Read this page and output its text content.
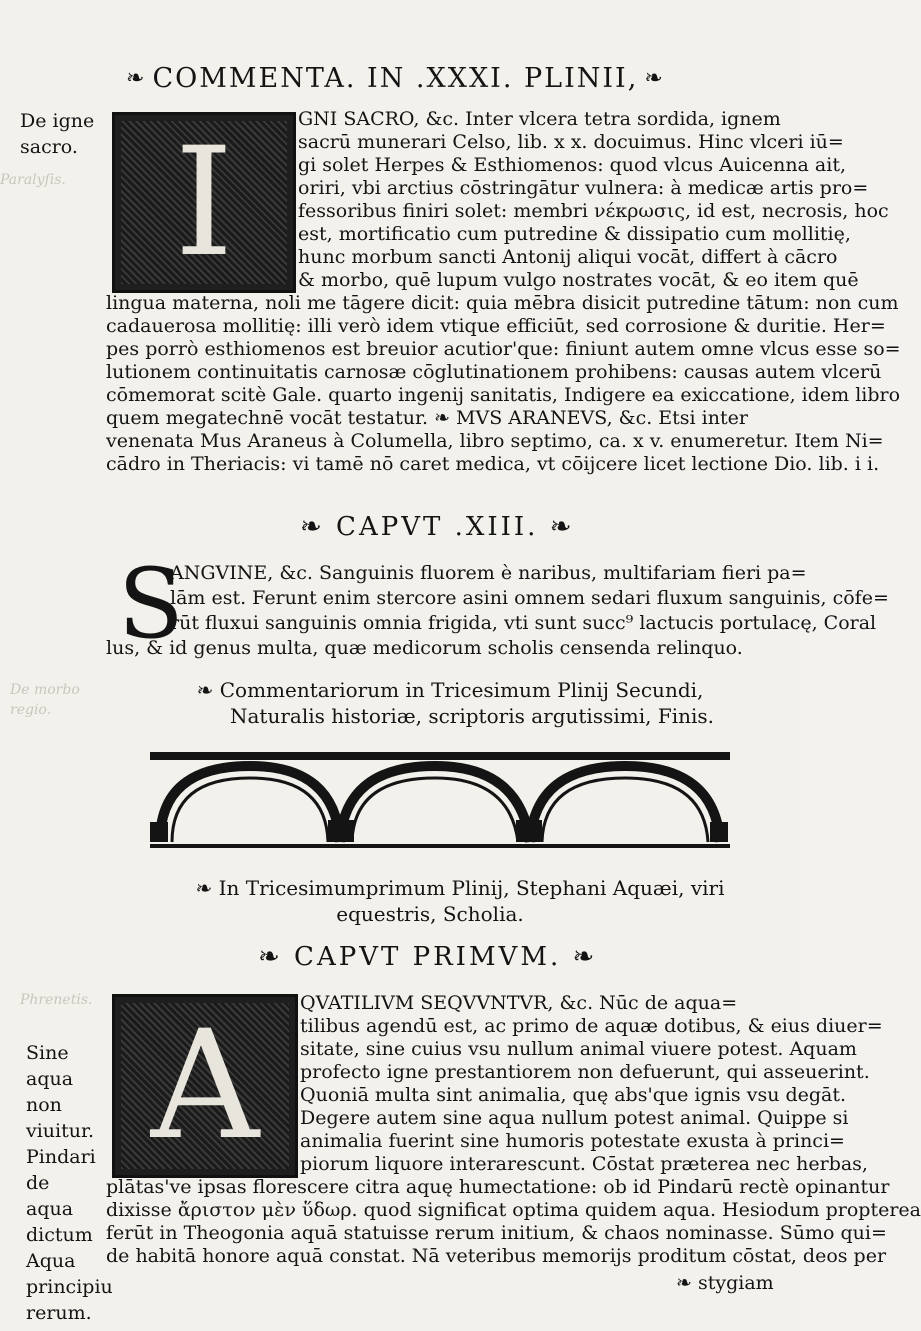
Paralyſis.
De morbo regio.
Phrenetis.
❧ COMMENTA. IN .XXXI. PLINII, ❧
De igne sacro.
Sine aqua non viuitur. Pindari de aqua dictum Aqua principiu rerum.
I	GNI SACRO, &c. Inter vlcera tetra sordida, ignem
sacrū munerari Celso, lib. x x. docuimus. Hinc vlceri iū=
gi solet Herpes & Esthiomenos: quod vlcus Auicenna ait,
oriri, vbi arctius cōstringātur vulnera: à medicæ artis pro=
fessoribus finiri solet: membri νέκρωσις, id est, necrosis, hoc
est, mortificatio cum putredine & dissipatio cum mollitię,
hunc morbum sancti Antonij aliqui vocāt, differt à cācro
& morbo, quē lupum vulgo nostrates vocāt, & eo item quē
lingua materna, noli me tāgere dicit: quia mēbra disicit putredine tātum: non cum
cadauerosa mollitię: illi verò idem vtique efficiūt, sed corrosione & duritie. Her=
pes porrò esthiomenos est breuior acutior'que: finiunt autem omne vlcus esse so=
lutionem continuitatis carnosæ cōglutinationem prohibens: causas autem vlcerū
cōmemorat scitè Gale. quarto ingenij sanitatis, Indigere ea exiccatione, idem libro
quem megatechnē vocāt testatur. ❧ MVS ARANEVS, &c. Etsi inter
venenata Mus Araneus à Columella, libro septimo, ca. x v. enumeretur. Item Ni=
cādro in Theriacis: vi tamē nō caret medica, vt cōijcere licet lectione Dio. lib. i i.
❧ CAPVT .XIII. ❧
S
ANGVINE, &c. Sanguinis fluorem è naribus, multifariam fieri pa=
lām est. Ferunt enim stercore asini omnem sedari fluxum sanguinis, cōfe=
rūt fluxui sanguinis omnia frigida, vti sunt succ⁹ lactucis portulacę, Coral
lus, & id genus multa, quæ medicorum scholis censenda relinquo.
❧ Commentariorum in Tricesimum Plinij Secundi,
Naturalis historiæ, scriptoris argutissimi, Finis.
❧ In Tricesimumprimum Plinij, Stephani Aquæi, viri
equestris, Scholia.
❧ CAPVT PRIMVM. ❧
A	QVATILIVM SEQVVNTVR, &c. Nūc de aqua=
tilibus agendū est, ac primo de aquæ dotibus, & eius diuer=
sitate, sine cuius vsu nullum animal viuere potest. Aquam
profecto igne prestantiorem non defuerunt, qui asseuerint.
Quoniā multa sint animalia, quę abs'que ignis vsu degāt.
Degere autem sine aqua nullum potest animal. Quippe si
animalia fuerint sine humoris potestate exusta à princi=
piorum liquore interarescunt. Cōstat præterea nec herbas,
plātas've ipsas florescere citra aquę humectatione: ob id Pindarū rectè opinantur
dixisse ἄριστον μὲν ὕδωρ. quod significat optima quidem aqua. Hesiodum propterea
ferūt in Theogonia aquā statuisse rerum initium, & chaos nominasse. Sūmo qui=
de habitā honore aquā constat. Nā veteribus memorijs proditum cōstat, deos per
❧ stygiam
